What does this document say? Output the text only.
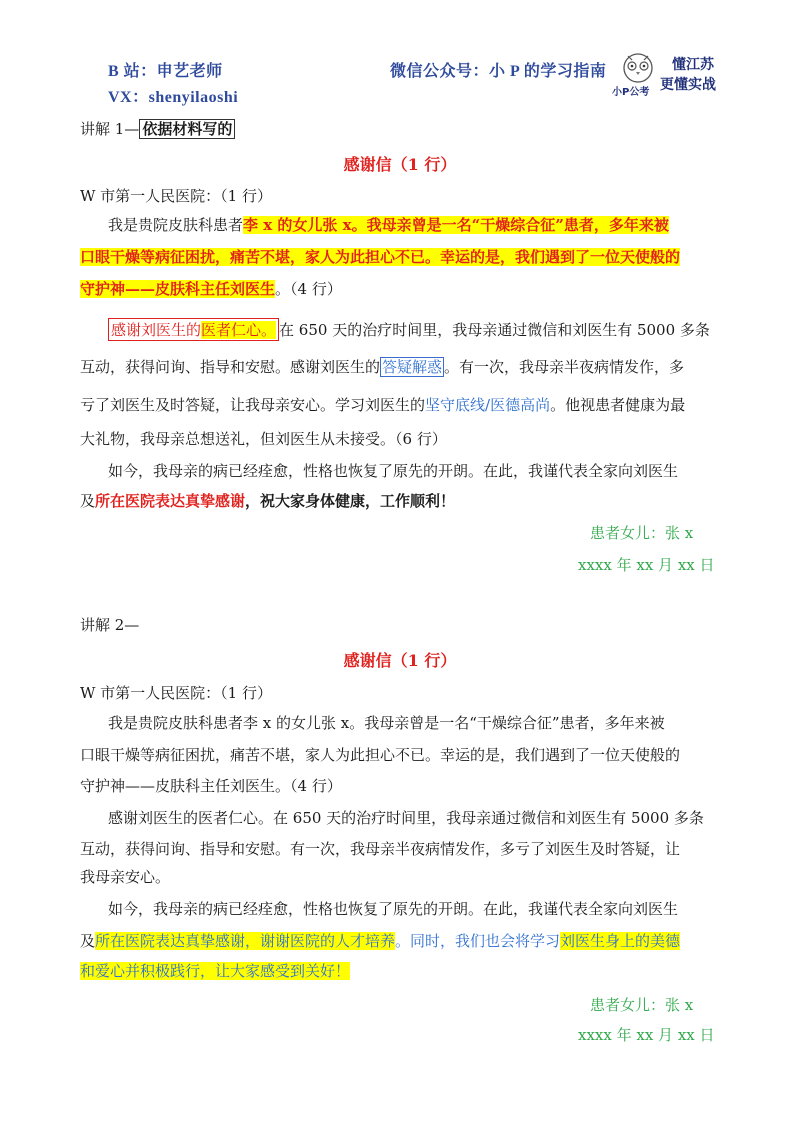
B 站：申艺老师
VX：shenyilaoshi
微信公众号：小 P 的学习指南
小P公考
懂江苏
更懂实战
讲解 1— 依据材料写的
感谢信（1 行）
W 市第一人民医院：（1 行）
我是贵院皮肤科患者李 x 的女儿张 x。我母亲曾是一名“干燥综合征”患者，多年来被
口眼干燥等病征困扰，痛苦不堪，家人为此担心不已。幸运的是，我们遇到了一位天使般的
守护神——皮肤科主任刘医生。（4 行）
感谢刘医生的医者仁心。 在 650 天的治疗时间里，我母亲通过微信和刘医生有 5000 多条
互动，获得问询、指导和安慰。感谢刘医生的 答疑解惑 。有一次，我母亲半夜病情发作，多
亏了刘医生及时答疑，让我母亲安心。学习刘医生的坚守底线/医德高尚。他视患者健康为最
大礼物，我母亲总想送礼，但刘医生从未接受。（6 行）
如今，我母亲的病已经痊愈，性格也恢复了原先的开朗。在此，我谨代表全家向刘医生
及所在医院表达真挚感谢，祝大家身体健康，工作顺利！
患者女儿：张 x
xxxx 年 xx 月 xx 日
讲解 2—
感谢信（1 行）
W 市第一人民医院：（1 行）
我是贵院皮肤科患者李 x 的女儿张 x。我母亲曾是一名“干燥综合征”患者，多年来被
口眼干燥等病征困扰，痛苦不堪，家人为此担心不已。幸运的是，我们遇到了一位天使般的
守护神——皮肤科主任刘医生。（4 行）
感谢刘医生的医者仁心。在 650 天的治疗时间里，我母亲通过微信和刘医生有 5000 多条
互动，获得问询、指导和安慰。有一次，我母亲半夜病情发作，多亏了刘医生及时答疑，让
我母亲安心。
如今，我母亲的病已经痊愈，性格也恢复了原先的开朗。在此，我谨代表全家向刘医生
及所在医院表达真挚感谢，谢谢医院的人才培养。同时，我们也会将学习刘医生身上的美德
和爱心并积极践行，让大家感受到关好！
患者女儿：张 x
xxxx 年 xx 月 xx 日
